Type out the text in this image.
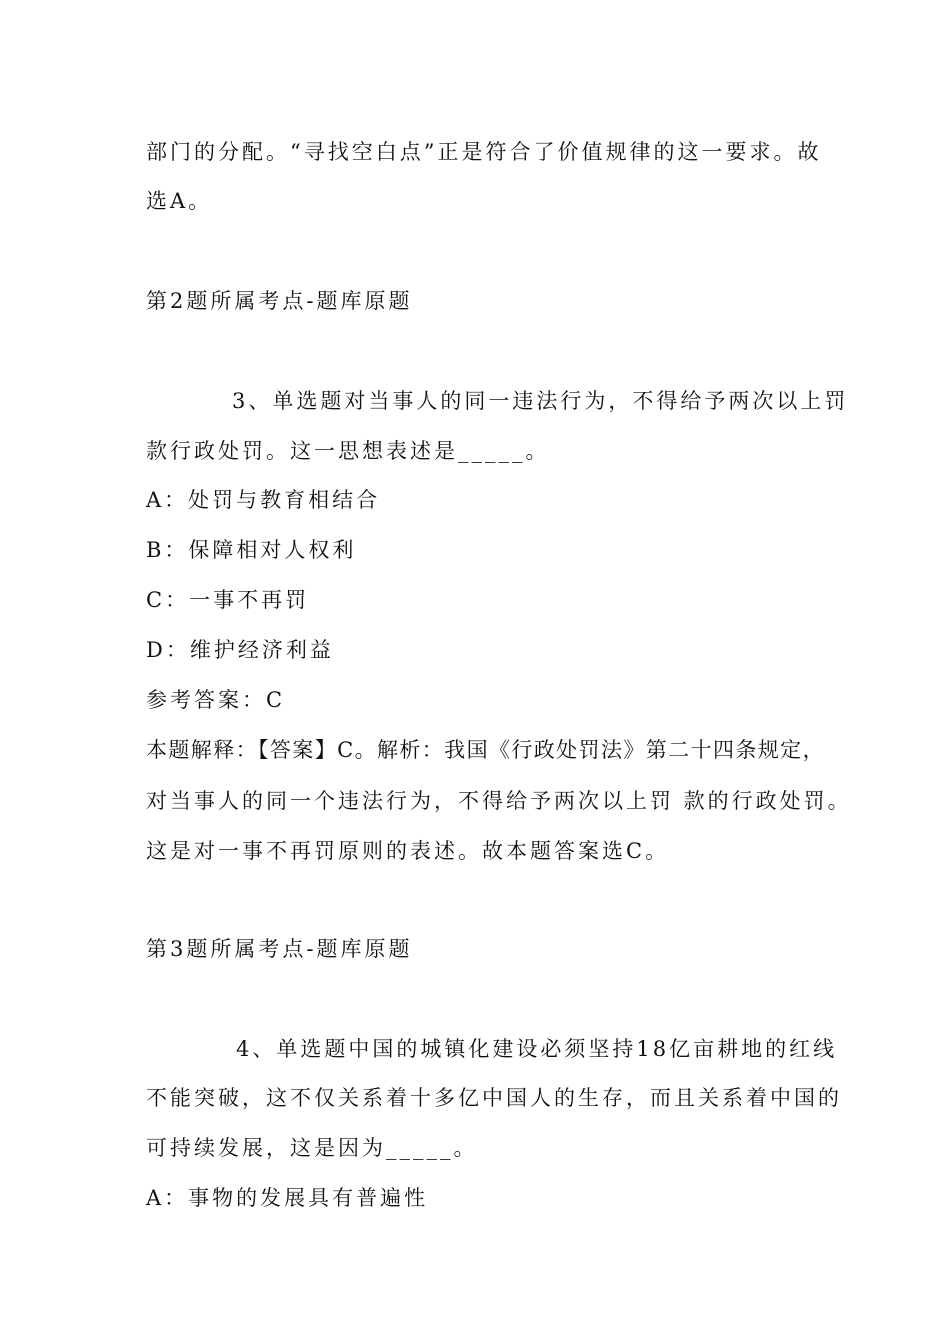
部门的分配。“寻找空白点”正是符合了价值规律的这一要求。故
选A。
第2题所属考点-题库原题
3、单选题对当事人的同一违法行为，不得给予两次以上罚
款行政处罚。这一思想表述是_____。
A：处罚与教育相结合
B：保障相对人权利
C：一事不再罚
D：维护经济利益
参考答案：C
本题解释：【答案】C。解析：我国《行政处罚法》第二十四条规定，
对当事人的同一个违法行为，不得给予两次以上罚 款的行政处罚。
这是对一事不再罚原则的表述。故本题答案选C。
第3题所属考点-题库原题
4、单选题中国的城镇化建设必须坚持18亿亩耕地的红线
不能突破，这不仅关系着十多亿中国人的生存，而且关系着中国的
可持续发展，这是因为_____。
A：事物的发展具有普遍性
